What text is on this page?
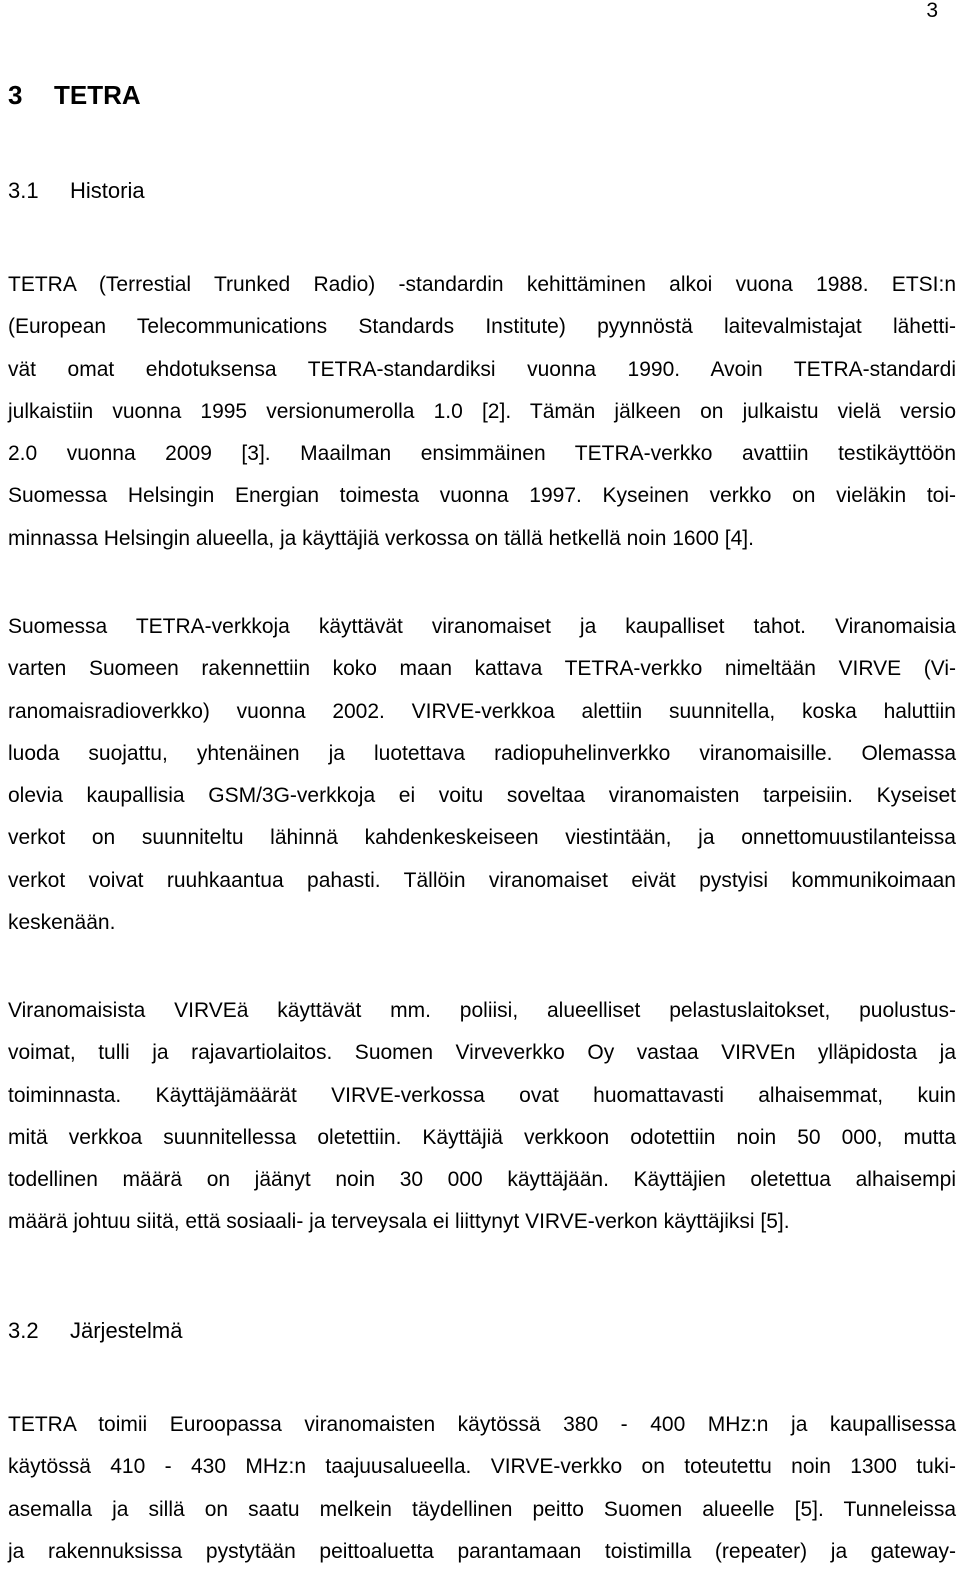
3
3 TETRA
3.1 Historia

TETRA (Terrestial Trunked Radio) -standardin kehittäminen alkoi vuona 1988. ETSI:n
(European Telecommunications Standards Institute) pyynnöstä laitevalmistajat lähetti-
vät omat ehdotuksensa TETRA-standardiksi vuonna 1990. Avoin TETRA-standardi
julkaistiin vuonna 1995 versionumerolla 1.0 [2]. Tämän jälkeen on julkaistu vielä versio
2.0 vuonna 2009 [3]. Maailman ensimmäinen TETRA-verkko avattiin testikäyttöön
Suomessa Helsingin Energian toimesta vuonna 1997. Kyseinen verkko on vieläkin toi-
minnassa Helsingin alueella, ja käyttäjiä verkossa on tällä hetkellä noin 1600 [4].

Suomessa TETRA-verkkoja käyttävät viranomaiset ja kaupalliset tahot. Viranomaisia
varten Suomeen rakennettiin koko maan kattava TETRA-verkko nimeltään VIRVE (Vi-
ranomaisradioverkko) vuonna 2002. VIRVE-verkkoa alettiin suunnitella, koska haluttiin
luoda suojattu, yhtenäinen ja luotettava radiopuhelinverkko viranomaisille. Olemassa
olevia kaupallisia GSM/3G-verkkoja ei voitu soveltaa viranomaisten tarpeisiin. Kyseiset
verkot on suunniteltu lähinnä kahdenkeskeiseen viestintään, ja onnettomuustilanteissa
verkot voivat ruuhkaantua pahasti. Tällöin viranomaiset eivät pystyisi kommunikoimaan
keskenään.

Viranomaisista VIRVEä käyttävät mm. poliisi, alueelliset pelastuslaitokset, puolustus-
voimat, tulli ja rajavartiolaitos. Suomen Virveverkko Oy vastaa VIRVEn ylläpidosta ja
toiminnasta. Käyttäjämäärät VIRVE-verkossa ovat huomattavasti alhaisemmat, kuin
mitä verkkoa suunnitellessa oletettiin. Käyttäjiä verkkoon odotettiin noin 50 000, mutta
todellinen määrä on jäänyt noin 30 000 käyttäjään. Käyttäjien oletettua alhaisempi
määrä johtuu siitä, että sosiaali- ja terveysala ei liittynyt VIRVE-verkon käyttäjiksi [5].

3.2 Järjestelmä

TETRA toimii Euroopassa viranomaisten käytössä 380 - 400 MHz:n ja kaupallisessa
käytössä 410 - 430 MHz:n taajuusalueella. VIRVE-verkko on toteutettu noin 1300 tuki-
asemalla ja sillä on saatu melkein täydellinen peitto Suomen alueelle [5]. Tunneleissa
ja rakennuksissa pystytään peittoaluetta parantamaan toistimilla (repeater) ja gateway-
